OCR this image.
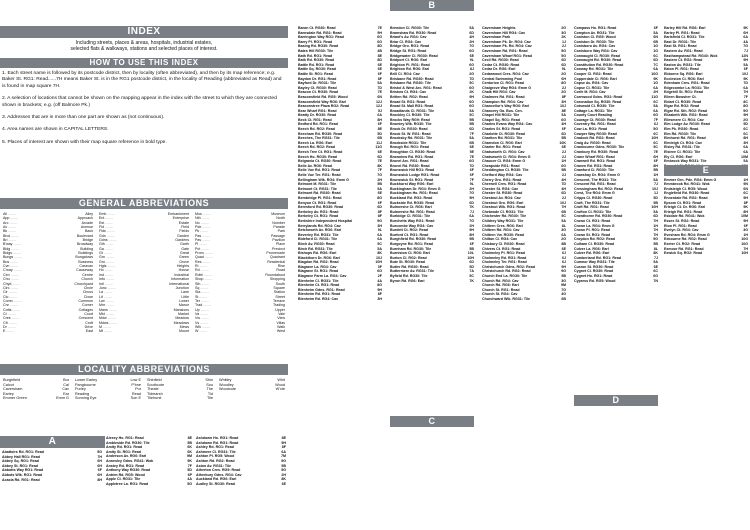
INDEX
Including streets, places & areas, hospitals, industrial estates,
selected flats & walkways, stations and selected places of interest.
HOW TO USE THIS INDEX

1. Each street name is followed by its postcode district, then by locality (often abbreviated), and then by its map reference; e.g. Baker St. RG1: Read......7H means Baker St. is in the RG1 postcode district, in the locality of Reading (abbreviated as Read) and is found in map square 7H.

2. A selection of locations that cannot be shown on the mapping appear in the index with the street to which they are connected shown in brackets; e.g. (off Balmore Pk.)

3. Addresses that are in more than one part are shown as (not continuous).

4. Area names are shown in CAPITAL LETTERS.

5. Places of interest are shown with their map square reference in bold type.

GENERAL ABBREVIATIONS
All .....	Alley
App .....	Approach
Arc .....	Arcade
Av .....	Avenue
Bk .....	Back
Blvd .....	Boulevard
Bri .....	Bridge
B'way .....	Broadway
Bldg .....	Building
Bldgs .....	Buildings
Bungs .....	Bungalows
Bus .....	Business
Cvn .....	Caravan
C'way .....	Causeway
Cen .....	Centre
Chu .....	Church
Chyd .....	Churchyard
Circ .....	Circle
Cir .....	Circus
Clo .....	Close
Comn .....	Common
Cnr .....	Corner
Cotts .....	Cottages
Ct .....	Court
Cres .....	Crescent
Cft .....	Croft
Dr .....	Drive
E .....	East
Emb .....	Embankment
Ent .....	Enterprise
Est .....	Estate
Fld .....	Field
Flds .....	Fields
Gdn .....	Garden
Gdns .....	Gardens
Gth .....	Garth
Ga .....	Gate
Gt .....	Great
Grn .....	Green
Gro .....	Grove
Hgts .....	Heights
Ho .....	House
Ind .....	Industrial
Info .....	Information
Intl .....	International
Junc .....	Junction
La .....	Lane
Lit .....	Little
Lwr .....	Lower
Mnr .....	Manor
Mans .....	Mansions
Mkt .....	Market
Mdw .....	Meadow
Mdws .....	Meadows
M .....	Mews
Mt .....	Mount
Mus .....	Museum
Nth .....	North
No .....	Number
Pde .....	Parade
Pk .....	Park
Pas .....	Passage
Pav .....	Pavilion
Pl .....	Place
Pct .....	Precinct
Prom .....	Promenade
Quad .....	Quadrant
Res .....	Residential
Ri .....	Rise
Rd .....	Road
Rdbt .....	Roundabout
Shop .....	Shopping
Sth .....	South
Sq .....	Square
Sta .....	Station
St .....	Street
Ter .....	Terrace
Trad .....	Trading
Up .....	Upper
Va .....	Vale
Vw .....	View
Vs .....	Villas
Wlk .....	Walk
W .....	West
LOCALITY ABBREVIATIONS
Burghfield	Bur
Calcot	Cal
Caversham	Cav
Earley	Ear
Emmer Green	Emm G
Lower Earley	Low E
Pangbourne	P'bne
Purley	Pur
Reading	Read
Sonning Eye	Son E
Shinfield	Shin
Southcote	Sou
Theale	The
Tidmarsh	Tid
Tilehurst	Tile
Whitley	Whit
Woodley	Wood
Woodcote	W'cte
A
Abattoirs Rd. RG1: Read	5G
Abbey Hall RG1: Read	7H
Abbey Sq. RG1: Read	6H
Abbey St. RG1: Read	6H
Abbotts Way RG1: Read	6F
Abbots Wlk. RG1: Read	6H
Acacia Rd. RG1: Read	8H
Alexey Ho. RG1: Read	8E
Ambleside Rd. RG30: Tile	5B
Amity Rd. RG1: Read	6K
Amity St. RG1: Read	6K
Anderson Av. RG6: Earl	9M
Annesley Gdns. RG41: Wok	9K
Anstey Rd. RG1: Read	7F
Anthony Way RG30: Read	5D
Antrim Rd. RG5: Wood	6P
Apple Cl. RG31: Tile	4A
Appletree La. RG1: Read	5G
Ashdown Ho. RG1: Read	8E
Ashdown Rd. RG1: Read	9H
Ashley Rd. RG1: Read	8F
Ashmere Cl. RG31: Tile	6A
Ashton Pl. RG5: Wood	7M
Ashton Rd. RG2: Read	9G
Aston Av. RG31: Tile	5B
Atherton Cres. RG9: Read	5G
Atherbury Gdns. RG4: Cav	2H
Auckland Rd. RG6: Earl	8K
Audley St. RG30: Read	6E
Baron Ct. RG30: Read	7E
Barnsdale Rd. RG2: Read	9H
Barrington Way RG1: Read	6G
Barry Pl. RG1: Read	6G
Basing Rd. RG30: Read	8D
Bates Hill RG30: Tile	4B
Bath Rd. RG1: Read	8E
Bath Rd. RG30: Read	8D
Battle Rd. RG1: Read	6E
Battle Sq. RG30: Read	6E
Battle St. RG1: Read	6F
Baydon Dr. RG1: Read	8F
Bayford Dr. RG31: Tile	5A
Bayley Ct. RG30: Read	7D
Beacon Ct. RG30: Read	7E
Beaconsfield Rd. RG5: Wood	6N
Beaconsfield Way RG6: Earl	12J
Beaconstree Plaza RG2: Read	12J
Bear Wharf RG1: Read	5J
Beatty Dr. RG30: Read	6A
Beck Ct. RG1: Read	8H
Bedford Rd. RG1: Read	6F
Beech Rd. RG2: Read	8E
Beecham Rd. RG30: Read	5D
Beeches, The RG31: Tile	6B
Beech La. RG6: Earl	11J
Beech Rd. RG2: Read	11G
Beech Tree Ct. RG1: Read	6E
Beech Ho. RG30: Read	6D
Belgravia Ct. RG30: Read	7E
Belle Av. RG6: Read	8K
Belle Vue Rd. RG1: Read	7F
Belle Vue Ter. RG1: Read	7G
Bellingham Wlk. RG4: Emm G	2H
Belmont M. RG31: Tile	5B
Belmont Ct. RG31: Tile	5A
Belmont Rd. RG30: Read	6E
Bembridge Pl. RG1: Read	8G
Benyon Ct. RG1: Read	6F
Beresford Rd. RG30: Read	6D
Berkeley Av. RG1: Read	8F
Berkeley Ct. RG1: Read	8F
Berkshire Independent Hospital	9G
Berrylands Rd. RG4: Cav	3H
Betchworth Av. RG6: Earl	9L
Beverley Rd. RG31: Tile	6A
Bideford Cl. RG31: Tile	6A
Birch Av. RG30: Read	5C
Birch Rd. RG31: Tile	5A
Bishops Rd. RG6: Earl	8K
Blackthorn Dr. RG6: Earl	10J
Blagdon Rd. RG2: Read	10H
Blagrave La. RG4: Cav	3F
Blagrave St. RG1: Read	6G
Blagrave Farm La. RG4: Cav	2F
Blenheim Cl. RG31: Tile	4A
Blenheim Ct. RG1: Read	8G
Blenheim Gdns. RG1: Read	9H
Blenheim Rd. RG1: Read	8F
Blenheim Rd. RG4: Cav	3H
Brendon Cl. RG30: Tile	5A
Bramshaw Rd. RG30: Read	6D
Briant's Av. RG4: Cav	4H
Briar Cl. RG4: Cav	2H
Bridge Gro. RG1: Read	7G
Bridge St. RG1: Read	6G
Bridgewater Cl. RG30: Read	6E
Bridport Cl. RG6: Earl	9L
Brighton Pl. RG1: Read	6G
Brighton Rd. RG6: Earl	8J
Brill Cl. RG4: Cav	2G
Brisbane Rd. RG30: Read	7D
Brisbane Rd. RG30: Tile	5C
Bristol & West Arc. RG1: Read	6G
Bristow Ct. RG4: Cav	2K
Britten Rd. RG2: Read	9H
Broad St. RG1: Read	6G
Broad St. Mall RG1: Read	6G
Broadlands Cl. RG31: Tile	5A
Brockley Cl. RG30: Tile	5C
Brocks Way RG9: Read	9B
Bromley Wlk. RG30: Tile	5B
Brook Dr. RG30: Read	6D
Brook St. W. RG1: Read	7F
Brooksby Rd. RG31: Tile	5A
Brookside RG31: Tile	6B
Brough Rd. RG1: Read	6E
Broughton Cl. RG30: Read	5E
Brownlow Rd. RG1: Read	7E
Brunel Arc. RG1: Read	6G
Brunel Rd. RG30: Read	7D
Brunswick Hill RG1: Read	6F
Brunswick Lodge RG1: Read	6F
Brunswick St. RG1: Read	7F
Buckhurst Way RG6: Earl	9L
Buckingham Dr. RG4: Emm G	2H
Buckingham Ho. RG1: Read	7G
Buckland Rd. RG2: Read	9H
Buckside Rd. RG30: Read	6D
Bulmershe Ct. RG6: Earl	7K
Bulmershe Rd. RG1: Read	7J
Burbidge Cl. RG31: Tile	6A
Burchetts Way RG1: Read	7G
Burcombe Way RG4: Cav	2H
Burdett Ct. RG2: Read	9H
Burford Ct. RG1: Read	8H
Burghfield Rd. RG30: Read	9B
Burgoyne Rd. RG1: Read	6F
Burnham Rd. RG30: Tile	5B
Burniston Cl. RG6: Earl	10L
Burton Cl. RG2: Read	10H
Bute St. RG30: Read	6D
Butler Rd. RG30: Read	5D
Buttermere Av. RG31: Tile	7A
Byfield Rd. RG30: Tile	5C
Byron Rd. RG6: Earl	7K
Caversham Heights	2G
Caversham Hill RG4: Cav	3G
Caversham Park	2K
Caversham Pk. Dr. RG4: Cav	1J
Caversham Pk. Rd. RG4: Cav	2J
Caversham Rd. RG1: Read	5G
Caversham Wharf RG1: Read	5G
Cecil Rd. RG30: Read	6D
Cedar Ct. RG30: Read	6D
Cedar Dr. RG6: Earl	9L
Cedarwood Cres. RG4: Cav	2G
Central Swimming Pool	6H
Centurion Cl. RG1: Read	8G
Chalgrove Way RG4: Emm G	2J
Chalk Hill RG4: Cav	2G
Chalmers Rd. RG1: Read	8F
Champion Rd. RG4: Cav	3H
Chancellor's Way RG6: Earl	10J
Chancery Ga. Bus. Cen.	8E
Chapel Hill RG31: Tile	5A
Chapel Sq. RG1: Read	6G
Charles Evans Way RG4: Cav	4H
Charles St. RG1: Read	6F
Charlotte Ct. RG30: Read	6D
Charlton Rd. RG31: Tile	5B
Charndon Cl. RG6: Earl	10K
Charter Rd. RG1: Read	6E
Chatsworth Cl. RG4: Cav	2J
Chatsworth Cl. RG4: Emm G	2J
Chaucer Cl. RG4: Emm G	1H
Cheapside RG1: Read	6G
Cheddington Cl. RG30: Tile	5B
Chelford Way RG4: Cav	2J
Cherry Gro. RG1: Read	4H
Cherwell Cres. RG1: Read	7D
Chester St. RG4: Cav	4H
Chester St. RG30: Read	6D
Chestnut Av. RG4: Cav	2J
Chestnut Gro. RG6: Earl	10J
Chestnut Wlk. RG1: Read	7H
Chetwode Cl. RG31: Tile	6B
Chichester Rd. RG30: Tile	5C
Childrey Way RG31: Tile	5A
Chiltern Cres. RG6: Earl	8L
Chiltern Rd. RG4: Cav	3G
Chiltern Vw. RG30: Read	6A
Chilton Cl. RG4: Cav	2G
Chisbury Cl. RG30: Read	8B
Chivers Ct. RG1: Read	6E
Cholmeley Pl. RG1: Read	6J
Cholmeley Rd. RG1: Read	6J
Cholmeley Ter. RG1: Read	6J
Christchurch Gdns. RG2: Read	9H
Christchurch Rd. RG2: Read	9G
Church End La. RG30: Tile	5B
Church Rd. RG4: Cav	3G
Church Rd. RG6: Earl	9M
Church St. RG1: Read	7G
Church St. RG4: Cav	4G
Churchward Wlk. RG31: Tile	6B
Compass Ho. RG1: Read	6F
Compton Av. RG31: Tile	5A
Coniston Cl. RG5: Wood	6N
Coniston Dr. RG30: Tile	6B
Conisboro Av. RG4: Cav	1G
Conisboro Way RG4: Cav	1G
Connaught Cl. RG30: Read	6C
Connaught Rd. RG30: Read	6D
Constitution Rd. RG30: Read	7C
Conway Rd. RG31: Tile	6A
Cooper Cl. RG2: Read	10G
Copperdale Cl. RG6: Earl	9K
Copse Av. RG4: Cav	1G
Copse Cl. RG31: Tile	6A
Corfe M. RG4: Cav	2H
Cornwood Gdns. RG2: Read	11G
Coronation Sq. RG30: Read	6C
Cotswold Cl. RG30: Tile	5A
Cottage La. RG31: Tile	6A
County Court Reading	6G
Courage Ct. RG30: Read	7F
Coventry Rd. RG1: Read	6J
Cow La. RG1: Read	5G
Cowper Way RG30: Read	6C
Cradock Rd. RG2: Read	10H
Craig Av. RG30: Read	6C
Cranbourne Gdns. RG30: Tile	5C
Cranbury Rd. RG30: Read	7E
Crane Wharf RG1: Read	6H
Cranwell Rd. RG1: Read	6F
Craven Rd. RG1: Read	8H
Crawford Cl. RG30: Tile	5B
Crawshay Dr. RG4: Emm G	1H
Crescent, The RG31: Tile	5A
Crescent Rd. RG1: Read	7J
Cressingham Rd. RG2: Read	10J
Crest, The RG4: Emm G	1J
Cripps Cl. RG30: Read	5D
Croft, The RG31: Tile	5B
Croft Rd. RG1: Read	10H
Crofton Cl. RG31: Tile	5A
Crowthorne Rd. RG30: Read	6D
Crown Ct. RG1: Read	7H
Crown La. RG4: Emm G	1H
Crown Pl. RG1: Read	7H
Crown St. RG1: Read	7H
Croydon Rd. RG2: Read	9G
Culham Cl. RG30: Read	5B
Culver La. RG6: Earl	8L
Culver Rd. RG6: Earl	8K
Cumberland Rd. RG1: Read	7J
Cumnor Way RG31: Tile	5A
Curzon St. RG30: Read	6E
Cygnet Cl. RG30: Read	6C
Cygnet Ho. RG1: Read	6G
Cypress Rd. RG5: Wood	7N
Earley Hill Rd. RG6: Earl	9K
Earley Pl. RG1: Read	6H
Earlsfield Cl. RG31: Tile	6A
East Dr. RG31: Tile	4A
East St. RG1: Read	7G
Eastern Av. RG1: Read	7J
Easthampstead Rd. RG40: Wok	12N
Eastern Ct. RG2: Read	9H
Easton Av. RG31: Tile	5A
Eaton Pl. RG1: Read	6F
Ebborne Sq. RG6: Earl	10J
Eccleston Cl. RG6: Earl	9K
Edenham Cres. RG1: Read	7D
Edgecombe La. RG31: Tile	6A
Edgehill St. RG1: Read	7H
Eileen Bowsher Ct.	7F
Eldart Cl. RG30: Read	8C
Elgar Rd. RG2: Read	8G
Elgar Rd. Sth. RG2: Read	9G
Elizabeth Wlk. RG2: Read	9H
Ellesmere Cl. RG4: Cav	2G
Elm Lodge Av. RG30: Read	5D
Elm Pk. RG30: Read	6C
Elm Rd. RG30: Tile	6C
Elmhurst Rd. RG1: Read	8H
Elmleigh Ct. RG4: Cav	3H
Elsley Rd. RG31: Tile	6A
Elstree Cl. RG31: Tile	6A
Ely Cl. RG6: Earl	10M
Embrook Way RG31: Tile	5A
Emmer Grn. Pde. RG4: Emm G	1H
Emmbrook Rd. RG41: Wok	9N
Endsleigh Cl. RG5: Wood	6N
Englefield Rd. RG30: Read	6C
Ennerdale Rd. RG2: Read	9H
Epsom Ct. RG1: Read	8F
Erleigh Ct. Dr. RG6: Earl	9K
Erleigh Rd. RG1: Read	8H
Eskdale Rd. RG41: Wok	10M
Essex St. RG2: Read	9H
Eton Pl. RG1: Read	6F
Evelyn Ct. RG4: Cav	3G
Evesham Rd. RG4: Emm G	1H
Exbourne Rd. RG2: Read	10G
Exeter Ct. RG2: Read	10G
Exmoor Rd. RG1: Read	7H
Exwick Sq. RG2: Read	10H
B
C
D
E
